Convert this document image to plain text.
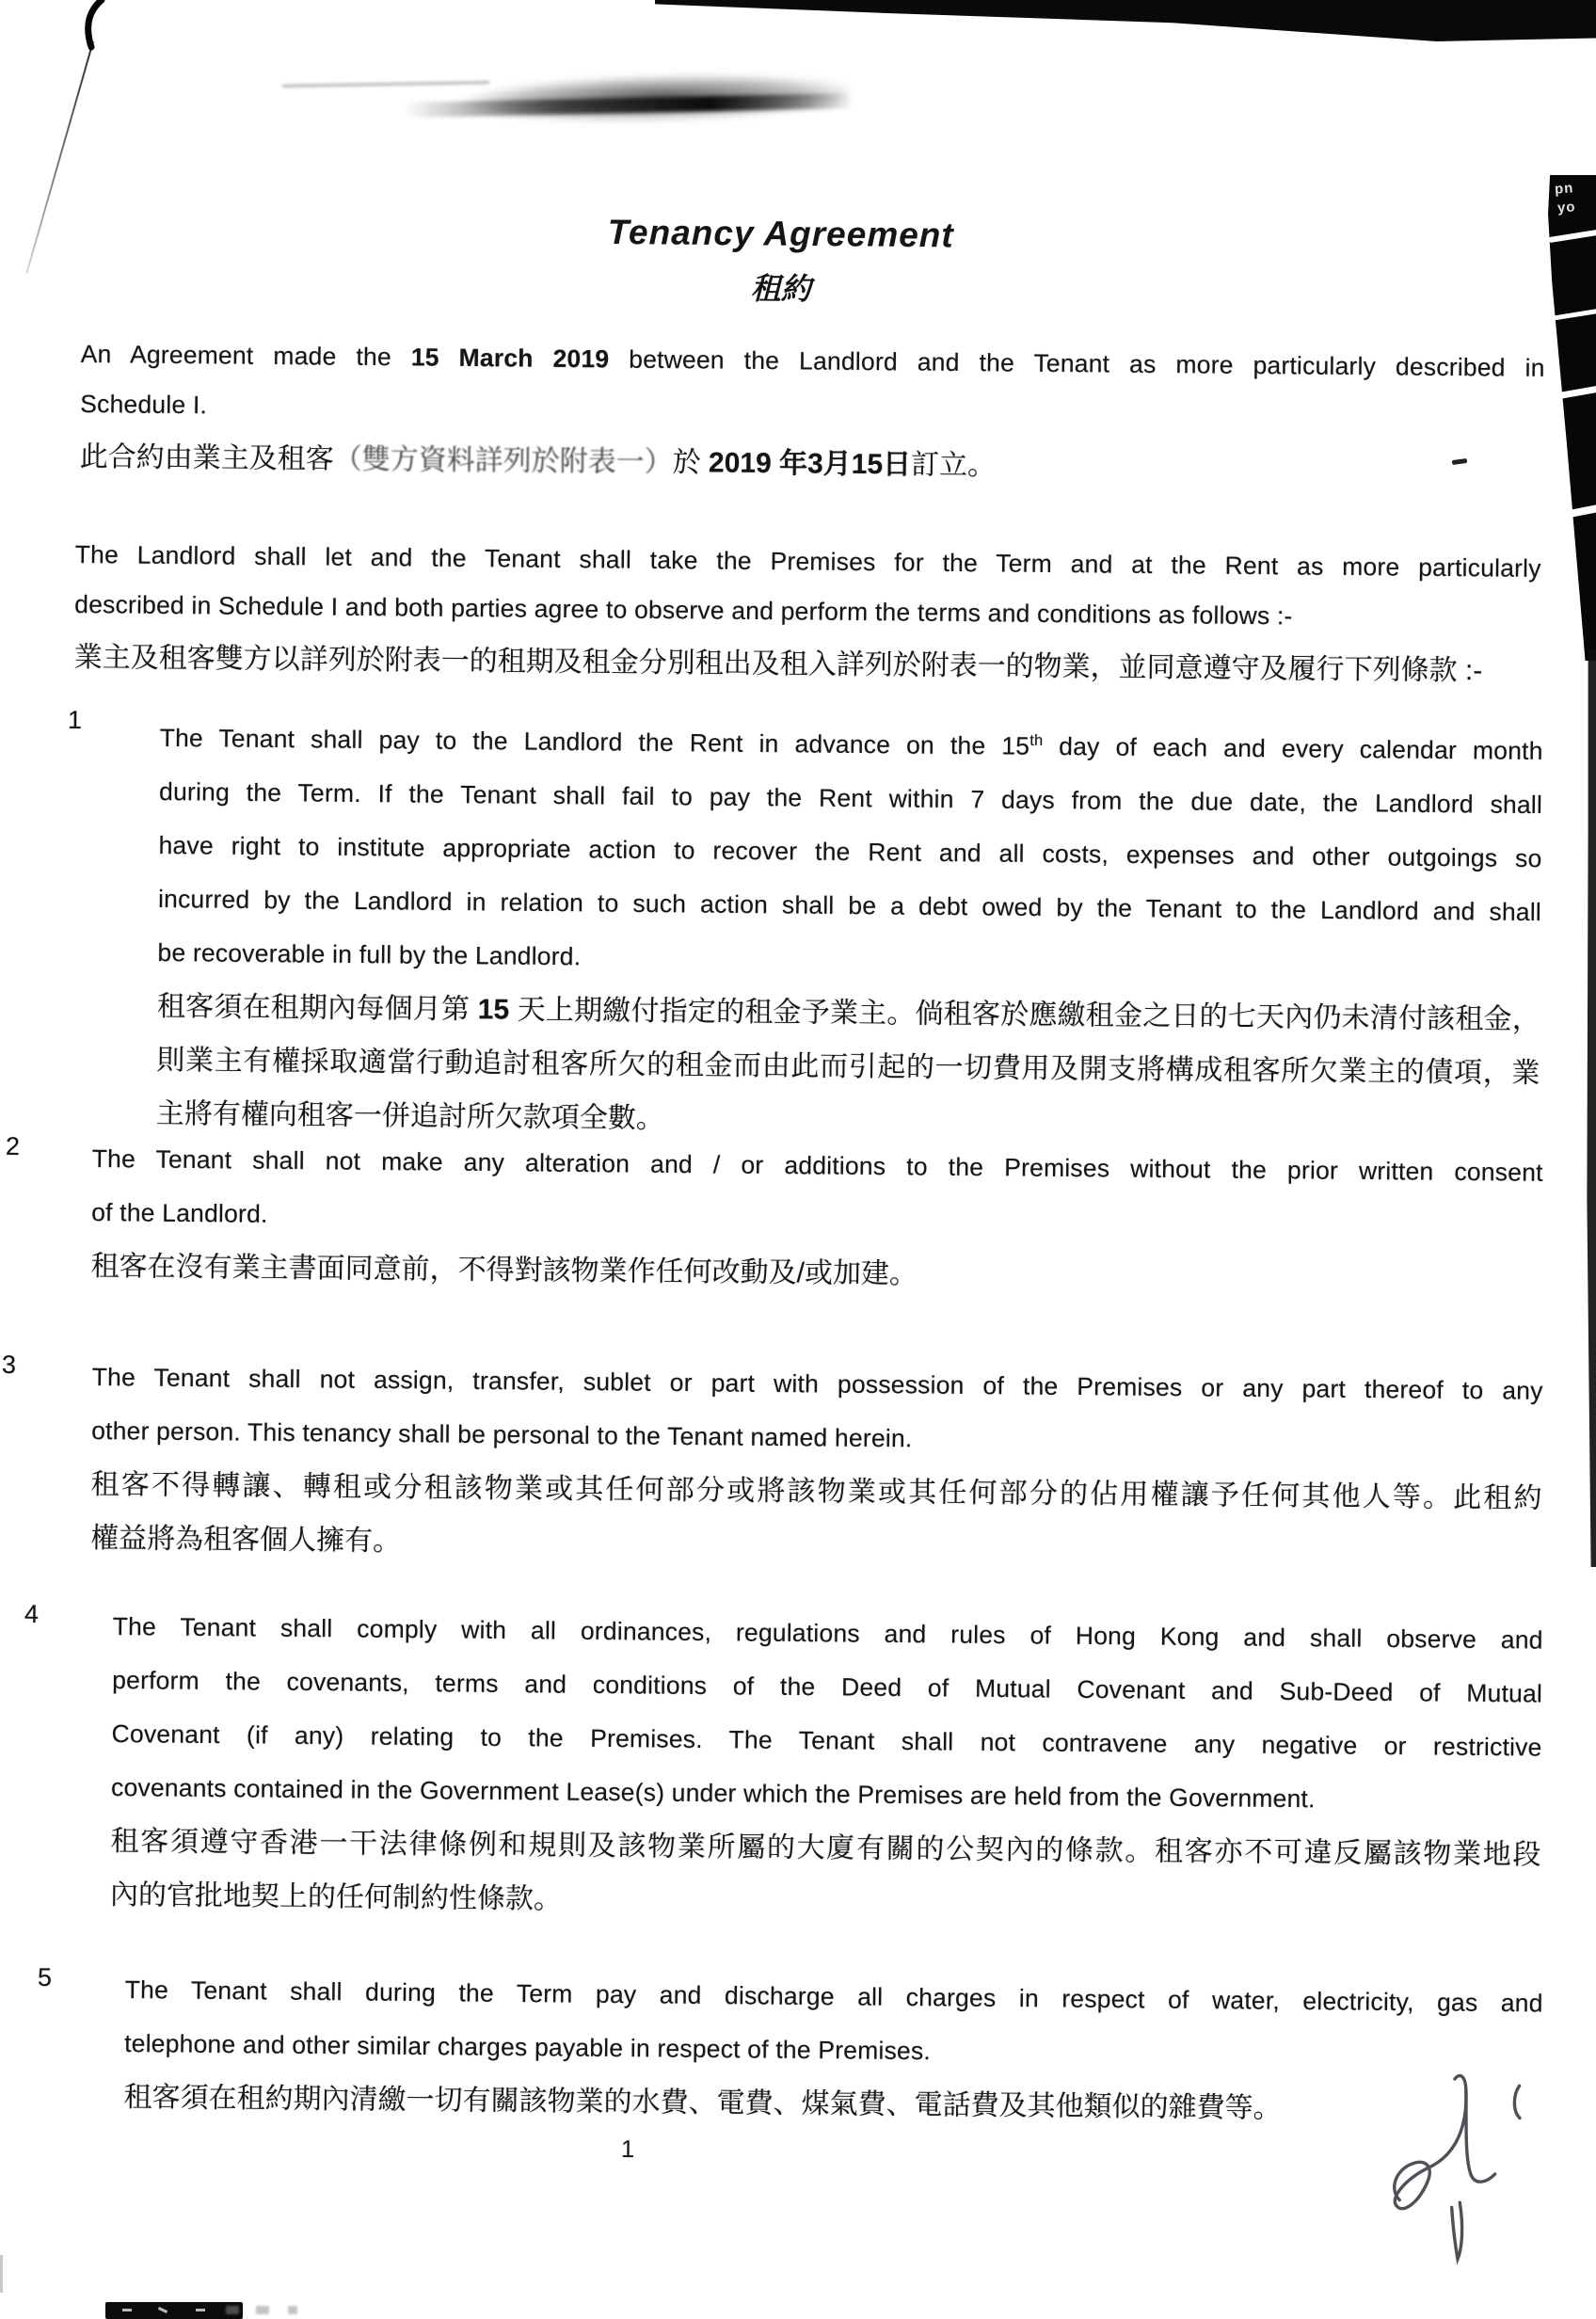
pn
yo
Tenancy Agreement
租約
An Agreement made the 15 March 2019 between the Landlord and the Tenant as more particularly described in
Schedule I.
此合約由業主及租客（雙方資料詳列於附表一）於 2019 年3月15日訂立。
The Landlord shall let and the Tenant shall take the Premises for the Term and at the Rent as more particularly
described in Schedule I and both parties agree to observe and perform the terms and conditions as follows :-
業主及租客雙方以詳列於附表一的租期及租金分別租出及租入詳列於附表一的物業，並同意遵守及履行下列條款 :-
1
The Tenant shall pay to the Landlord the Rent in advance on the 15th day of each and every calendar month
during the Term. If the Tenant shall fail to pay the Rent within 7 days from the due date, the Landlord shall
have right to institute appropriate action to recover the Rent and all costs, expenses and other outgoings so
incurred by the Landlord in relation to such action shall be a debt owed by the Tenant to the Landlord and shall
be recoverable in full by the Landlord.
租客須在租期內每個月第 15 天上期繳付指定的租金予業主。倘租客於應繳租金之日的七天內仍未清付該租金，
則業主有權採取適當行動追討租客所欠的租金而由此而引起的一切費用及開支將構成租客所欠業主的債項，業
主將有權向租客一併追討所欠款項全數。
2	The Tenant shall not make any alteration and / or additions to the Premises without the prior written consent
of the Landlord.
租客在沒有業主書面同意前，不得對該物業作任何改動及/或加建。
3	The Tenant shall not assign, transfer, sublet or part with possession of the Premises or any part thereof to any
other person. This tenancy shall be personal to the Tenant named herein.
租客不得轉讓、轉租或分租該物業或其任何部分或將該物業或其任何部分的佔用權讓予任何其他人等。此租約
權益將為租客個人擁有。
4	The Tenant shall comply with all ordinances, regulations and rules of Hong Kong and shall observe and
perform the covenants, terms and conditions of the Deed of Mutual Covenant and Sub-Deed of Mutual
Covenant (if any) relating to the Premises. The Tenant shall not contravene any negative or restrictive
covenants contained in the Government Lease(s) under which the Premises are held from the Government.
租客須遵守香港一干法律條例和規則及該物業所屬的大廈有關的公契內的條款。租客亦不可違反屬該物業地段
內的官批地契上的任何制約性條款。
5	The Tenant shall during the Term pay and discharge all charges in respect of water, electricity, gas and
telephone and other similar charges payable in respect of the Premises.
租客須在租約期內清繳一切有關該物業的水費、電費、煤氣費、電話費及其他類似的雜費等。
1
